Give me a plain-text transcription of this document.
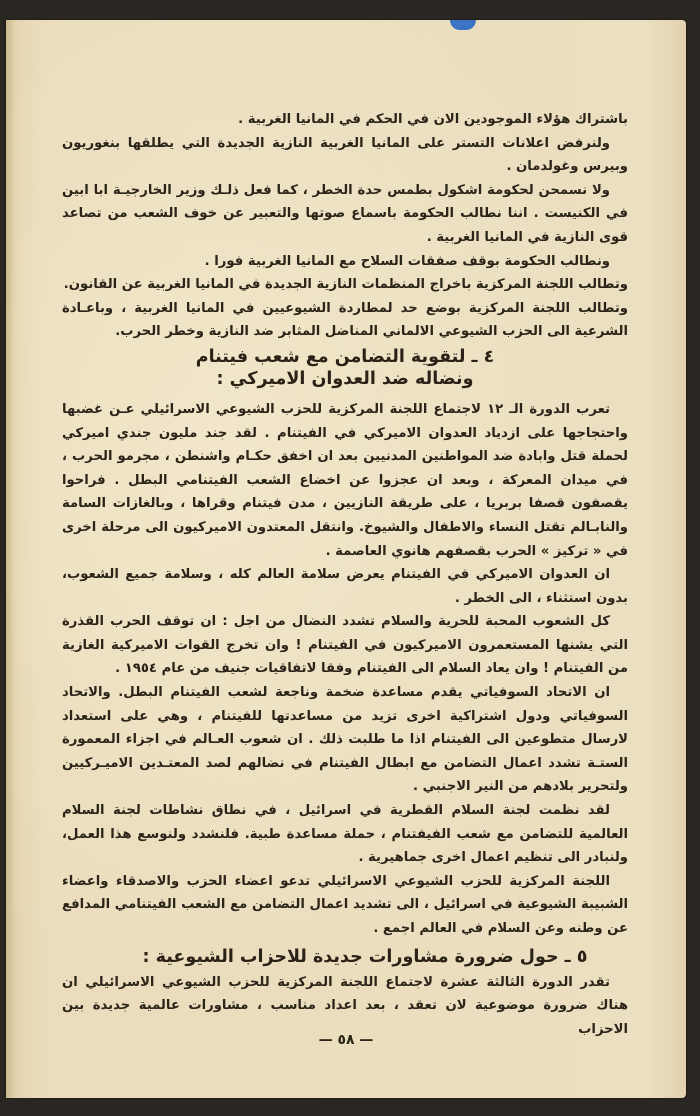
باشتراك هؤلاء الموجودين الان في الحكم في المانيا الغربية .

ولنرفض اعلانات التستر على المانيا الغربية النازية الجديدة التي يطلقها بنغوريون وبيرس وغولدمان .

ولا نسمحن لحكومة اشكول بطمس حدة الخطر ، كما فعل ذلـك وزير الخارجيـة ابا ابين في الكنيست . اننا نطالب الحكومة باسماع صوتها والتعبير عن خوف الشعب من تصاعد قوى النازية في المانيا الغربية .

ونطالب الحكومة بوقف صفقات السلاح مع المانيا الغربية فورا .

وتطالب اللجنة المركزية باخراج المنظمات النازية الجديدة في المانيا الغربية عن القانون.

وتطالب اللجنة المركزية بوضع حد لمطاردة الشيوعيين في المانيا الغربية ، وباعـادة الشرعية الى الحزب الشيوعي الالماني المناضل المثابر ضد النازية وخطر الحرب.

٤ ـ لتقوية التضامن مع شعب فيتنام
ونضاله ضد العدوان الاميركي :

تعرب الدورة الـ ١٢ لاجتماع اللجنة المركزية للحزب الشيوعي الاسرائيلي عـن غضبها واحتجاجها على ازدياد العدوان الاميركي في الفيتنام . لقد جند مليون جندي اميركي لحملة قتل وابادة ضد المواطنين المدنيين بعد ان اخفق حكـام واشنطن ، مجرمو الحرب ، في ميدان المعركة ، وبعد ان عجزوا عن اخضاع الشعب الفيتنامي البطل . فراحوا يقصفون قصفا بربريا ، على طريقة النازيين ، مدن فيتنام وقراها ، وبالغازات السامة والنابـالم تقتل النساء والاطفال والشيوخ. وانتقل المعتدون الاميركيون الى مرحلة اخرى في « تركيز » الحرب بقصفهم هانوي العاصمة .

ان العدوان الاميركي في الفيتنام يعرض سلامة العالم كله ، وسلامة جميع الشعوب، بدون استثناء ، الى الخطر .

كل الشعوب المحبة للحرية والسلام تشدد النضال من اجل : ان توقف الحرب القذرة التي يشنها المستعمرون الاميركيون في الفيتنام ! وان تخرج القوات الاميركية الغازية من الفيتنام ! وان يعاد السلام الى الفيتنام وفقا لاتفاقيات جنيف من عام ١٩٥٤ .

ان الاتحاد السوفياتي يقدم مساعدة ضخمة وناجعة لشعب الفيتنام البطل. والاتحاد السوفياتي ودول اشتراكية اخرى تزيد من مساعدتها للفيتنام ، وهي على استعداد لارسال متطوعين الى الفيتنام اذا ما طلبت ذلك . ان شعوب العـالم في اجزاء المعمورة الستـة تشدد اعمال التضامن مع ابطال الفيتنام في نضالهم لصد المعتـدين الاميـركيين ولتحرير بلادهم من النير الاجنبي .

لقد نظمت لجنة السلام القطرية في اسرائيل ، في نطاق نشاطات لجنة السلام العالمية للتضامن مع شعب الفيفتنام ، حملة مساعدة طبية. فلنشدد ولنوسع هذا العمل، ولنبادر الى تنظيم اعمال اخرى جماهيرية .

اللجنة المركزية للحزب الشيوعي الاسرائيلي تدعو اعضاء الحزب والاصدقاء واعضاء الشبيبة الشيوعية في اسرائيل ، الى تشديد اعمال التضامن مع الشعب الفيتنامي المدافع عن وطنه وعن السلام في العالم اجمع .

٥ ـ حول ضرورة مشاورات جديدة للاحزاب الشيوعية :

تقدر الدورة الثالثة عشرة لاجتماع اللجنة المركزية للحزب الشيوعي الاسرائيلي ان هناك ضرورة موضوعية لان تعقد ، بعد اعداد مناسب ، مشاورات عالمية جديدة بين الاحزاب

— ٥٨ —
